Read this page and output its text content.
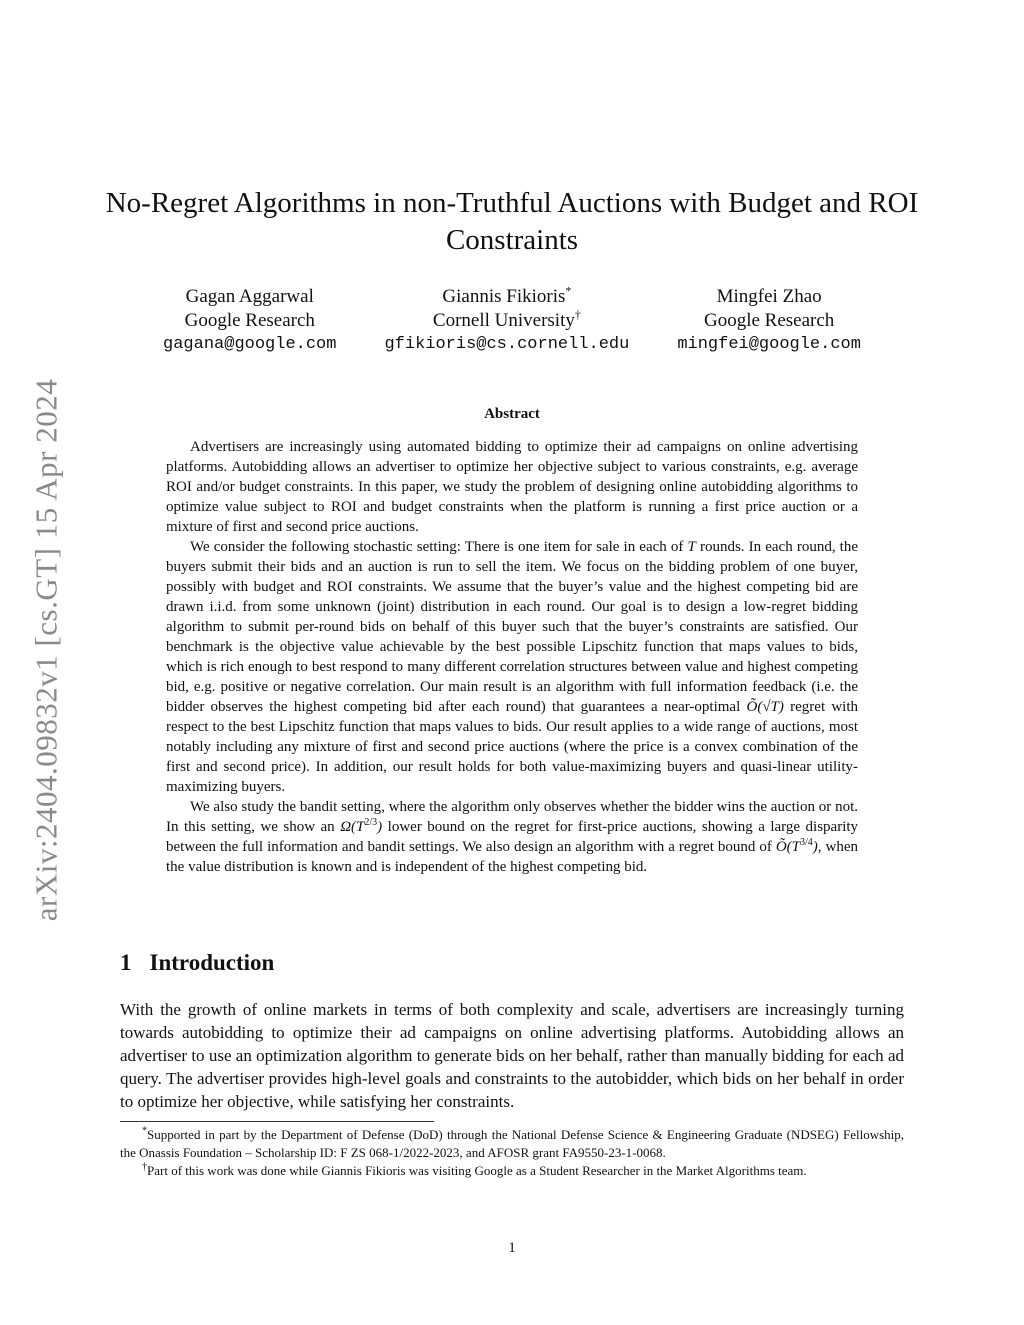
arXiv:2404.09832v1 [cs.GT] 15 Apr 2024
No-Regret Algorithms in non-Truthful Auctions with Budget and ROI Constraints
Gagan Aggarwal
Google Research
gagana@google.com
Giannis Fikioris*
Cornell University†
gfikioris@cs.cornell.edu
Mingfei Zhao
Google Research
mingfei@google.com
Abstract

Advertisers are increasingly using automated bidding to optimize their ad campaigns on online advertising platforms. Autobidding allows an advertiser to optimize her objective subject to various constraints, e.g. average ROI and/or budget constraints. In this paper, we study the problem of designing online autobidding algorithms to optimize value subject to ROI and budget constraints when the platform is running a first price auction or a mixture of first and second price auctions.

We consider the following stochastic setting: There is one item for sale in each of T rounds. In each round, the buyers submit their bids and an auction is run to sell the item. We focus on the bidding problem of one buyer, possibly with budget and ROI constraints. We assume that the buyer’s value and the highest competing bid are drawn i.i.d. from some unknown (joint) distribution in each round. Our goal is to design a low-regret bidding algorithm to submit per-round bids on behalf of this buyer such that the buyer’s constraints are satisfied. Our benchmark is the objective value achievable by the best possible Lipschitz function that maps values to bids, which is rich enough to best respond to many different correlation structures between value and highest competing bid, e.g. positive or negative correlation. Our main result is an algorithm with full information feedback (i.e. the bidder observes the highest competing bid after each round) that guarantees a near-optimal Õ(√T) regret with respect to the best Lipschitz function that maps values to bids. Our result applies to a wide range of auctions, most notably including any mixture of first and second price auctions (where the price is a convex combination of the first and second price). In addition, our result holds for both value-maximizing buyers and quasi-linear utility-maximizing buyers.

We also study the bandit setting, where the algorithm only observes whether the bidder wins the auction or not. In this setting, we show an $\Omega(T^{2/3})$ lower bound on the regret for first-price auctions, showing a large disparity between the full information and bandit settings. We also design an algorithm with a regret bound of $Õ(T^{3/4})$, when the value distribution is known and is independent of the highest competing bid.

1 Introduction

With the growth of online markets in terms of both complexity and scale, advertisers are increasingly turning towards autobidding to optimize their ad campaigns on online advertising platforms. Autobidding allows an advertiser to use an optimization algorithm to generate bids on her behalf, rather than manually bidding for each ad query. The advertiser provides high-level goals and constraints to the autobidder, which bids on her behalf in order to optimize her objective, while satisfying her constraints.

*Supported in part by the Department of Defense (DoD) through the National Defense Science & Engineering Graduate (NDSEG) Fellowship, the Onassis Foundation – Scholarship ID: F ZS 068-1/2022-2023, and AFOSR grant FA9550-23-1-0068.

†Part of this work was done while Giannis Fikioris was visiting Google as a Student Researcher in the Market Algorithms team.

1
